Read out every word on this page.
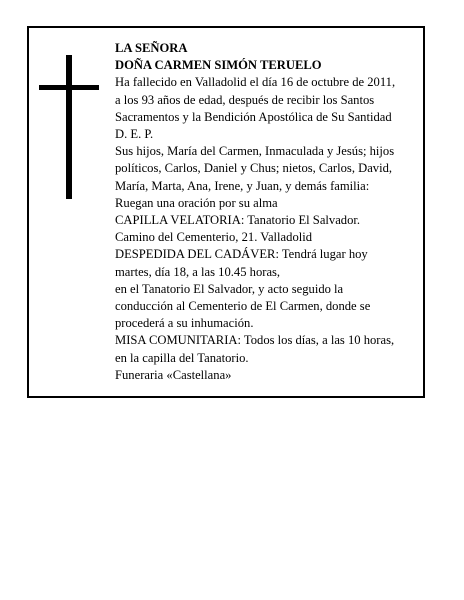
LA SEÑORA

DOÑA CARMEN SIMÓN TERUELO

Ha fallecido en Valladolid el día 16 de octubre de 2011,

a los 93 años de edad, después de recibir los Santos

Sacramentos y la Bendición Apostólica de Su Santidad

D. E. P.

Sus hijos, María del Carmen, Inmaculada y Jesús; hijos

políticos, Carlos, Daniel y Chus; nietos, Carlos, David,

María, Marta, Ana, Irene, y Juan, y demás familia:

Ruegan una oración por su alma

CAPILLA VELATORIA: Tanatorio El Salvador.

Camino del Cementerio, 21. Valladolid

DESPEDIDA DEL CADÁVER: Tendrá lugar hoy

martes, día 18, a las 10.45 horas,

en el Tanatorio El Salvador, y acto seguido la

conducción al Cementerio de El Carmen, donde se

procederá a su inhumación.

MISA COMUNITARIA: Todos los días, a las 10 horas,

en la capilla del Tanatorio.

Funeraria «Castellana»
